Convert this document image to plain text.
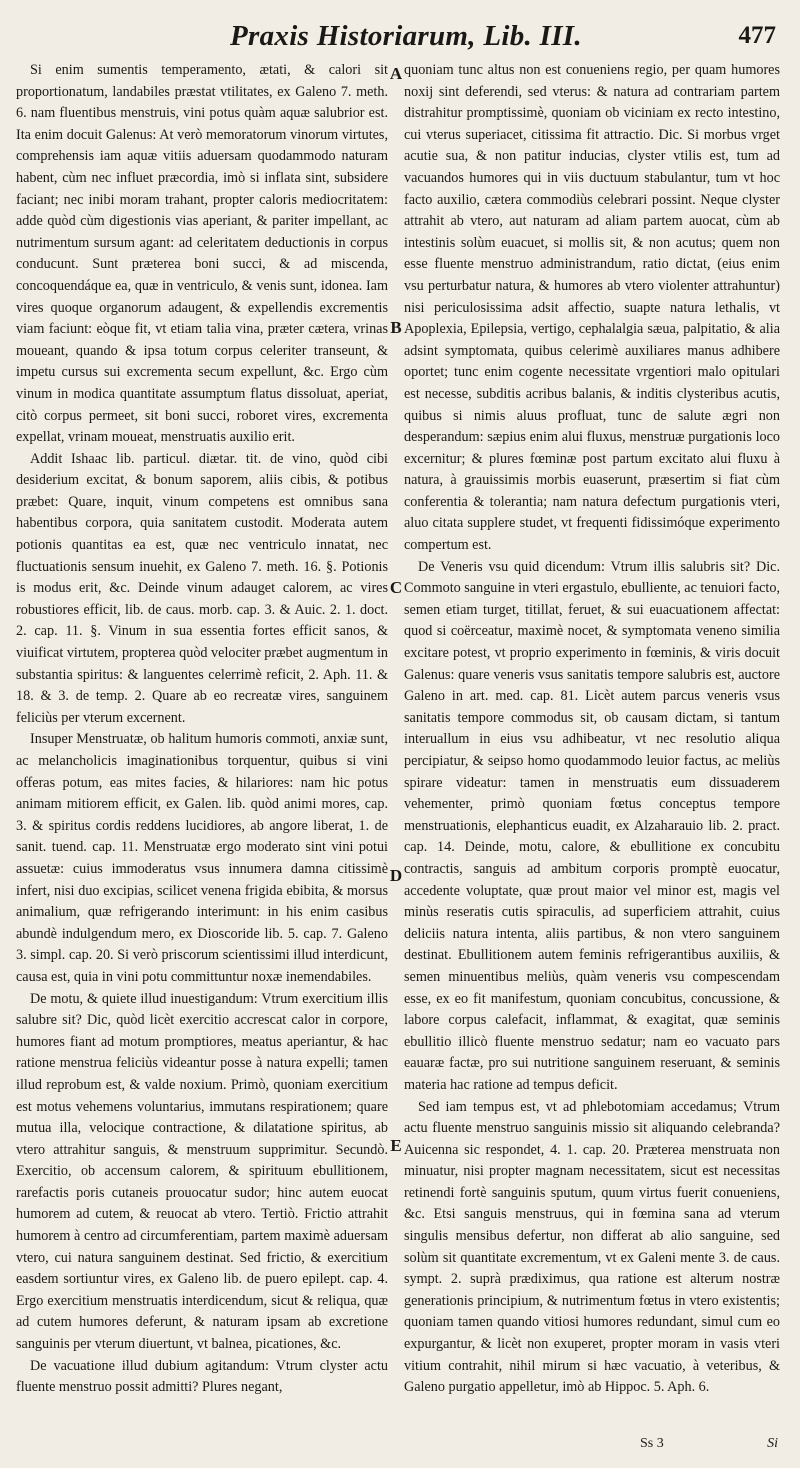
Praxis Historiarum, Lib. III.	477

Si enim sumentis temperamento, ætati, & calori sit proportionatum, landabiles præstat vtilitates, ex Galeno 7. meth. 6. nam fluentibus menstruis, vini potus quàm aquæ salubrior est. Ita enim docuit Galenus: At verò memoratorum vinorum virtutes, comprehensis iam aquæ vitiis aduersam quodammodo naturam habent, cùm nec influet præcordia, imò si inflata sint, subsidere faciant; nec inibi moram trahant, propter caloris mediocritatem: adde quòd cùm digestionis vias aperiant, & pariter impellant, ac nutrimentum sursum agant: ad celeritatem deductionis in corpus conducunt. Sunt præterea boni succi, & ad miscenda, concoquendáque ea, quæ in ventriculo, & venis sunt, idonea. Iam vires quoque organorum adaugent, & expellendis excrementis viam faciunt: eòque fit, vt etiam talia vina, præter cætera, vrinas moueant, quando & ipsa totum corpus celeriter transeunt, & impetu cursus sui excrementa secum expellunt, &c. Ergo cùm vinum in modica quantitate assumptum flatus dissoluat, aperiat, citò corpus permeet, sit boni succi, roboret vires, excrementa expellat, vrinam moueat, menstruatis auxilio erit.

Addit Ishaac lib. particul. diætar. tit. de vino, quòd cibi desiderium excitat, & bonum saporem, aliis cibis, & potibus præbet: Quare, inquit, vinum competens est omnibus sana habentibus corpora, quia sanitatem custodit. Moderata autem potionis quantitas ea est, quæ nec ventriculo innatat, nec fluctuationis sensum inuehit, ex Galeno 7. meth. 16. §. Potionis is modus erit, &c. Deinde vinum adauget calorem, ac vires robustiores efficit, lib. de caus. morb. cap. 3. & Auic. 2. 1. doct. 2. cap. 11. §. Vinum in sua essentia fortes efficit sanos, & viuificat virtutem, propterea quòd velociter præbet augmentum in substantia spiritus: & languentes celerrimè reficit, 2. Aph. 11. & 18. & 3. de temp. 2. Quare ab eo recreatæ vires, sanguinem feliciùs per vterum excernent.

Insuper Menstruatæ, ob halitum humoris commoti, anxiæ sunt, ac melancholicis imaginationibus torquentur, quibus si vini offeras potum, eas mites facies, & hilariores: nam hic potus animam mitiorem efficit, ex Galen. lib. quòd animi mores, cap. 3. & spiritus cordis reddens lucidiores, ab angore liberat, 1. de sanit. tuend. cap. 11. Menstruatæ ergo moderato sint vini potui assuetæ: cuius immoderatus vsus innumera damna citissimè infert, nisi duo excipias, scilicet venena frigida ebibita, & morsus animalium, quæ refrigerando interimunt: in his enim casibus abundè indulgendum mero, ex Dioscoride lib. 5. cap. 7. Galeno 3. simpl. cap. 20. Si verò priscorum scientissimi illud interdicunt, causa est, quia in vini potu committuntur noxæ inemendabiles.

De motu, & quiete illud inuestigandum: Vtrum exercitium illis salubre sit? Dic, quòd licèt exercitio accrescat calor in corpore, humores fiant ad motum promptiores, meatus aperiantur, & hac ratione menstrua feliciùs videantur posse à natura expelli; tamen illud reprobum est, & valde noxium. Primò, quoniam exercitium est motus vehemens voluntarius, immutans respirationem; quare mutua illa, velocique contractione, & dilatatione spiritus, ab vtero attrahitur sanguis, & menstruum supprimitur. Secundò. Exercitio, ob accensum calorem, & spirituum ebullitionem, rarefactis poris cutaneis prouocatur sudor; hinc autem euocat humorem ad cutem, & reuocat ab vtero. Tertiò. Frictio attrahit humorem à centro ad circumferentiam, partem maximè aduersam vtero, cui natura sanguinem destinat. Sed frictio, & exercitium easdem sortiuntur vires, ex Galeno lib. de puero epilept. cap. 4. Ergo exercitium menstruatis interdicendum, sicut & reliqua, quæ ad cutem humores deferunt, & naturam ipsam ab excretione sanguinis per vterum diuertunt, vt balnea, picationes, &c.

De vacuatione illud dubium agitandum: Vtrum clyster actu fluente menstruo possit admitti? Plures negant,

quoniam tunc altus non est conueniens regio, per quam humores noxij sint deferendi, sed vterus: & natura ad contrariam partem distrahitur promptissimè, quoniam ob viciniam ex recto intestino, cui vterus superiacet, citissima fit attractio. Dic. Si morbus vrget acutie sua, & non patitur inducias, clyster vtilis est, tum ad vacuandos humores qui in viis ductuum stabulantur, tum vt hoc facto auxilio, cætera commodiùs celebrari possint. Neque clyster attrahit ab vtero, aut naturam ad aliam partem auocat, cùm ab intestinis solùm euacuet, si mollis sit, & non acutus; quem non esse fluente menstruo administrandum, ratio dictat, (eius enim vsu perturbatur natura, & humores ab vtero violenter attrahuntur) nisi periculosissima adsit affectio, suapte natura lethalis, vt Apoplexia, Epilepsia, vertigo, cephalalgia sæua, palpitatio, & alia adsint symptomata, quibus celerimè auxiliares manus adhibere oportet; tunc enim cogente necessitate vrgentiori malo opitulari est necesse, subditis acribus balanis, & inditis clysteribus acutis, quibus si nimis aluus profluat, tunc de salute ægri non desperandum: sæpius enim alui fluxus, menstruæ purgationis loco excernitur; & plures fœminæ post partum excitato alui fluxu à natura, à grauissimis morbis euaserunt, præsertim si fiat cùm conferentia & tolerantia; nam natura defectum purgationis vteri, aluo citata supplere studet, vt frequenti fidissimóque experimento compertum est.

De Veneris vsu quid dicendum: Vtrum illis salubris sit? Dic. Commoto sanguine in vteri ergastulo, ebulliente, ac tenuiori facto, semen etiam turget, titillat, feruet, & sui euacuationem affectat: quod si coërceatur, maximè nocet, & symptomata veneno similia excitare potest, vt proprio experimento in fœminis, & viris docuit Galenus: quare veneris vsus sanitatis tempore salubris est, auctore Galeno in art. med. cap. 81. Licèt autem parcus veneris vsus sanitatis tempore commodus sit, ob causam dictam, si tantum interuallum in eius vsu adhibeatur, vt nec resolutio aliqua percipiatur, & seipso homo quodammodo leuior factus, ac meliùs spirare videatur: tamen in menstruatis eum dissuaderem vehementer, primò quoniam fœtus conceptus tempore menstruationis, elephanticus euadit, ex Alzaharauio lib. 2. pract. cap. 14. Deinde, motu, calore, & ebullitione ex concubitu contractis, sanguis ad ambitum corporis promptè euocatur, accedente voluptate, quæ prout maior vel minor est, magis vel minùs reseratis cutis spiraculis, ad superficiem attrahit, cuius deliciis natura intenta, aliis partibus, & non vtero sanguinem destinat. Ebullitionem autem feminis refrigerantibus auxiliis, & semen minuentibus meliùs, quàm veneris vsu compescendam esse, ex eo fit manifestum, quoniam concubitus, concussione, & labore corpus calefacit, inflammat, & exagitat, quæ seminis ebullitio illicò fluente menstruo sedatur; nam eo vacuato pars eauaræ factæ, pro sui nutritione sanguinem reseruant, & seminis materia hac ratione ad tempus deficit.

Sed iam tempus est, vt ad phlebotomiam accedamus; Vtrum actu fluente menstruo sanguinis missio sit aliquando celebranda? Auicenna sic respondet, 4. 1. cap. 20. Præterea menstruata non minuatur, nisi propter magnam necessitatem, sicut est necessitas retinendi fortè sanguinis sputum, quum virtus fuerit conueniens, &c. Etsi sanguis menstruus, qui in fœmina sana ad vterum singulis mensibus defertur, non differat ab alio sanguine, sed solùm sit quantitate excrementum, vt ex Galeni mente 3. de caus. sympt. 2. suprà prædiximus, qua ratione est alterum nostræ generationis principium, & nutrimentum fœtus in vtero existentis; quoniam tamen quando vitiosi humores redundant, simul cum eo expurgantur, & licèt non exuperet, propter moram in vasis vteri vitium contrahit, nihil mirum si hæc vacuatio, à veteribus, & Galeno purgatio appelletur, imò ab Hippoc. 5. Aph. 6.

A
B
C
D
E
Ss 3	Si
